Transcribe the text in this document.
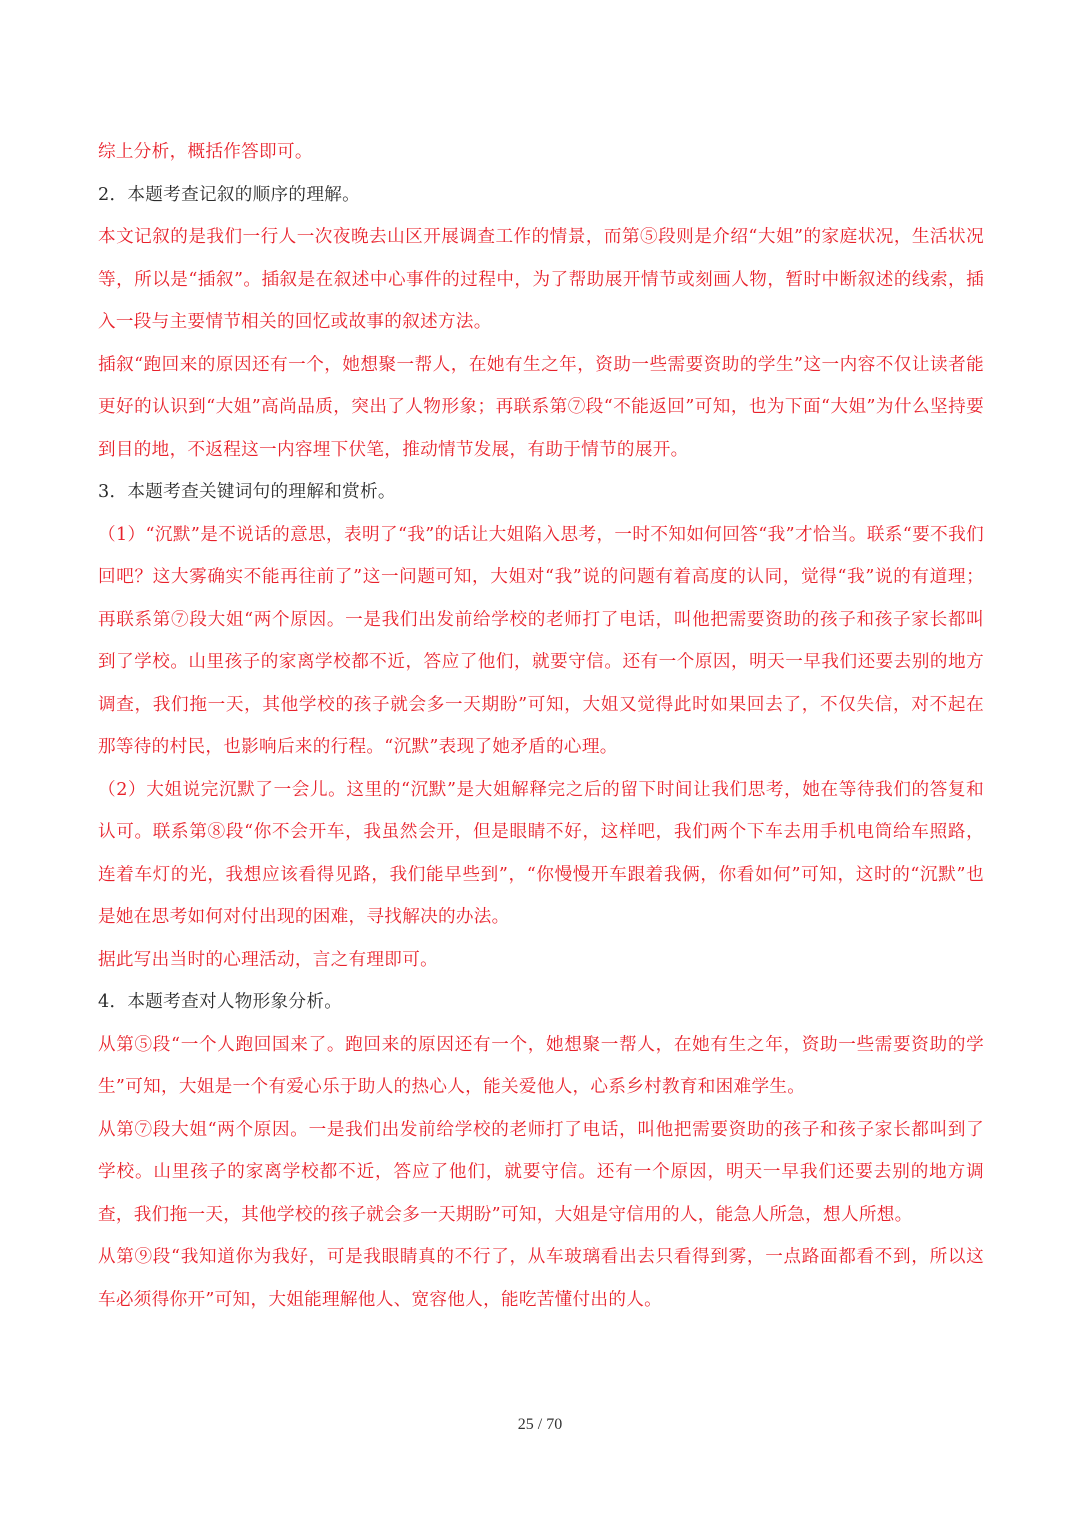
综上分析，概括作答即可。

2．本题考查记叙的顺序的理解。

本文记叙的是我们一行人一次夜晚去山区开展调查工作的情景，而第⑤段则是介绍“大姐”的家庭状况，生活状况等，所以是“插叙”。插叙是在叙述中心事件的过程中，为了帮助展开情节或刻画人物，暂时中断叙述的线索，插入一段与主要情节相关的回忆或故事的叙述方法。

插叙“跑回来的原因还有一个，她想聚一帮人，在她有生之年，资助一些需要资助的学生”这一内容不仅让读者能更好的认识到“大姐”高尚品质，突出了人物形象；再联系第⑦段“不能返回”可知，也为下面“大姐”为什么坚持要到目的地，不返程这一内容埋下伏笔，推动情节发展，有助于情节的展开。

3．本题考查关键词句的理解和赏析。

（1）“沉默”是不说话的意思，表明了“我”的话让大姐陷入思考，一时不知如何回答“我”才恰当。联系“要不我们回吧？这大雾确实不能再往前了”这一问题可知，大姐对“我”说的问题有着高度的认同，觉得“我”说的有道理；再联系第⑦段大姐“两个原因。一是我们出发前给学校的老师打了电话，叫他把需要资助的孩子和孩子家长都叫到了学校。山里孩子的家离学校都不近，答应了他们，就要守信。还有一个原因，明天一早我们还要去别的地方调查，我们拖一天，其他学校的孩子就会多一天期盼”可知，大姐又觉得此时如果回去了，不仅失信，对不起在那等待的村民，也影响后来的行程。“沉默”表现了她矛盾的心理。

（2）大姐说完沉默了一会儿。这里的“沉默”是大姐解释完之后的留下时间让我们思考，她在等待我们的答复和认可。联系第⑧段“你不会开车，我虽然会开，但是眼睛不好，这样吧，我们两个下车去用手机电筒给车照路，连着车灯的光，我想应该看得见路，我们能早些到”，“你慢慢开车跟着我俩，你看如何”可知，这时的“沉默”也是她在思考如何对付出现的困难，寻找解决的办法。

据此写出当时的心理活动，言之有理即可。

4．本题考查对人物形象分析。

从第⑤段“一个人跑回国来了。跑回来的原因还有一个，她想聚一帮人，在她有生之年，资助一些需要资助的学生”可知，大姐是一个有爱心乐于助人的热心人，能关爱他人，心系乡村教育和困难学生。

从第⑦段大姐“两个原因。一是我们出发前给学校的老师打了电话，叫他把需要资助的孩子和孩子家长都叫到了学校。山里孩子的家离学校都不近，答应了他们，就要守信。还有一个原因，明天一早我们还要去别的地方调查，我们拖一天，其他学校的孩子就会多一天期盼”可知，大姐是守信用的人，能急人所急，想人所想。

从第⑨段“我知道你为我好，可是我眼睛真的不行了，从车玻璃看出去只看得到雾，一点路面都看不到，所以这车必须得你开”可知，大姐能理解他人、宽容他人，能吃苦懂付出的人。

25 / 70
